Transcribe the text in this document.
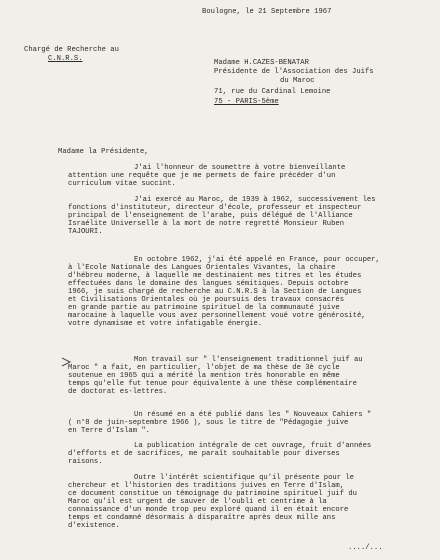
Boulogne, le 21 Septembre 1967
Chargé de Recherche au
C.N.R.S.	Madame H.CAZES-BENATAR
Présidente de l'Association des Juifs
du Maroc
71, rue du Cardinal Lemoine
75 - PARIS-5ème
Madame la Présidente,
J'ai l'honneur de soumettre à votre bienveillante
attention une requête que je me permets de faire précéder d'un
curriculum vitae succint.
J'ai exercé au Maroc, de 1939 à 1962, successivement les
fonctions d'instituteur, directeur d'école, professeur et inspecteur
principal de l'enseignement de l'arabe, puis délégué de l'Alliance
Israélite Universelle à la mort de notre regretté Monsieur Ruben
TAJOURI.
En octobre 1962, j'ai été appelé en France, pour occuper,
à l'Ecole Nationale des Langues Orientales Vivantes, la chaire
d'hébreu moderne, à laquelle me destinaient mes titres et les études
effectuées dans le domaine des langues sémitiques. Depuis octobre
1966, je suis chargé de recherche au C.N.R.S à la Section de Langues
et Civilisations Orientales où je poursuis des travaux consacrés
en grande partie au patrimoine spirituel de la communauté juive
marocaine à laquelle vous avez personnellement voué votre générosité,
votre dynamisme et votre infatigable énergie.
Mon travail sur " l'enseignement traditionnel juif au
Maroc " a fait, en particulier, l'objet de ma thèse de 3è cycle
soutenue en 1965 qui a mérité la mention très honorable en même
temps qu'elle fut tenue pour équivalente à une thèse complémentaire
de doctorat es-lettres.
Un résumé en a été publié dans les " Nouveaux Cahiers "
( n°8 de juin-septembre 1966 ), sous le titre de "Pédagogie juive
en Terre d'Islam ".
La publication intégrale de cet ouvrage, fruit d'années
d'efforts et de sacrifices, me paraît souhaitable pour diverses
raisons.
Outre l'intérêt scientifique qu'il présente pour le
chercheur et l'historien des traditions juives en Terre d'Islam,
ce document constitue un témoignage du patrimoine spirituel juif du
Maroc qu'il est urgent de sauver de l'oubli et centrime à la
connaissance d'un monde trop peu exploré quand il en était encore
temps et condamné désormais à disparaître après deux mille ans
d'existence.
..../...
